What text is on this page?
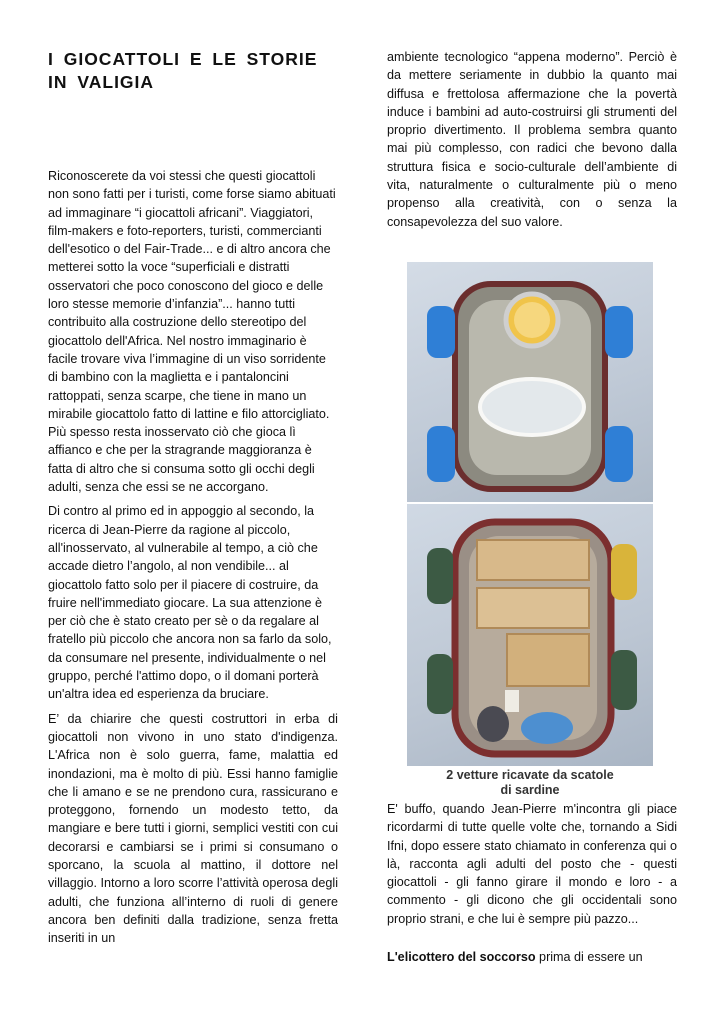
I GIOCATTOLI E LE STORIE
IN VALIGIA

Riconoscerete da voi stessi che questi giocattoli non sono fatti per i turisti, come forse siamo abituati ad immaginare “i giocattoli africani”. Viaggiatori, film-makers e foto-reporters, turisti, commercianti dell'esotico o del Fair-Trade... e di altro ancora che metterei sotto la voce “superficiali e distratti osservatori che poco conoscono del gioco e delle loro stesse memorie d’infanzia”... hanno tutti contribuito alla costruzione dello stereotipo del giocattolo dell'Africa. Nel nostro immaginario è facile trovare viva l’immagine di un viso sorridente di bambino con la maglietta e i pantaloncini rattoppati, senza scarpe, che tiene in mano un mirabile giocattolo fatto di lattine e filo attorcigliato. Più spesso resta inosservato ciò che gioca lì affianco e che per la stragrande maggioranza è fatta di altro che si consuma sotto gli occhi degli adulti, senza che essi se ne accorgano.

Di contro al primo ed in appoggio al secondo, la ricerca di Jean-Pierre da ragione al piccolo, all'inosservato, al vulnerabile al tempo, a ciò che accade dietro l’angolo, al non vendibile... al giocattolo fatto solo per il piacere di costruire, da fruire nell'immediato giocare. La sua attenzione è per ciò che è stato creato per sè o da regalare al fratello più piccolo che ancora non sa farlo da solo, da consumare nel presente, individualmente o nel gruppo, perché l'attimo dopo, o il domani porterà un'altra idea ed esperienza da bruciare.

E’ da chiarire che questi costruttori in erba di giocattoli non vivono in uno stato d'indigenza. L'Africa non è solo guerra, fame, malattia ed inondazioni, ma è molto di più. Essi hanno famiglie che li amano e se ne prendono cura, rassicurano e proteggono, fornendo un modesto tetto, da mangiare e bere tutti i giorni, semplici vestiti con cui decorarsi e cambiarsi se i primi si consumano o sporcano, la scuola al mattino, il dottore nel villaggio. Intorno a loro scorre l’attività operosa degli adulti, che funziona all’interno di ruoli di genere ancora ben definiti dalla tradizione, senza fretta inseriti in un

ambiente tecnologico “appena moderno”. Perciò è da mettere seriamente in dubbio la quanto mai diffusa e frettolosa affermazione che la povertà induce i bambini ad auto-costruirsi gli strumenti del proprio divertimento. Il problema sembra quanto mai più complesso, con radici che bevono dalla struttura fisica e socio-culturale dell’ambiente di vita, naturalmente o culturalmente più o meno propenso alla creatività, con o senza la consapevolezza del suo valore.

2 vetture ricavate da scatole
di sardine

E' buffo, quando Jean-Pierre m'incontra gli piace ricordarmi di tutte quelle volte che, tornando a Sidi Ifni, dopo essere stato chiamato in conferenza qui o là, racconta agli adulti del posto che - questi giocattoli - gli fanno girare il mondo e loro - a commento - gli dicono che gli occidentali sono proprio strani, e che lui è sempre più pazzo...

L'elicottero del soccorso prima di essere un
